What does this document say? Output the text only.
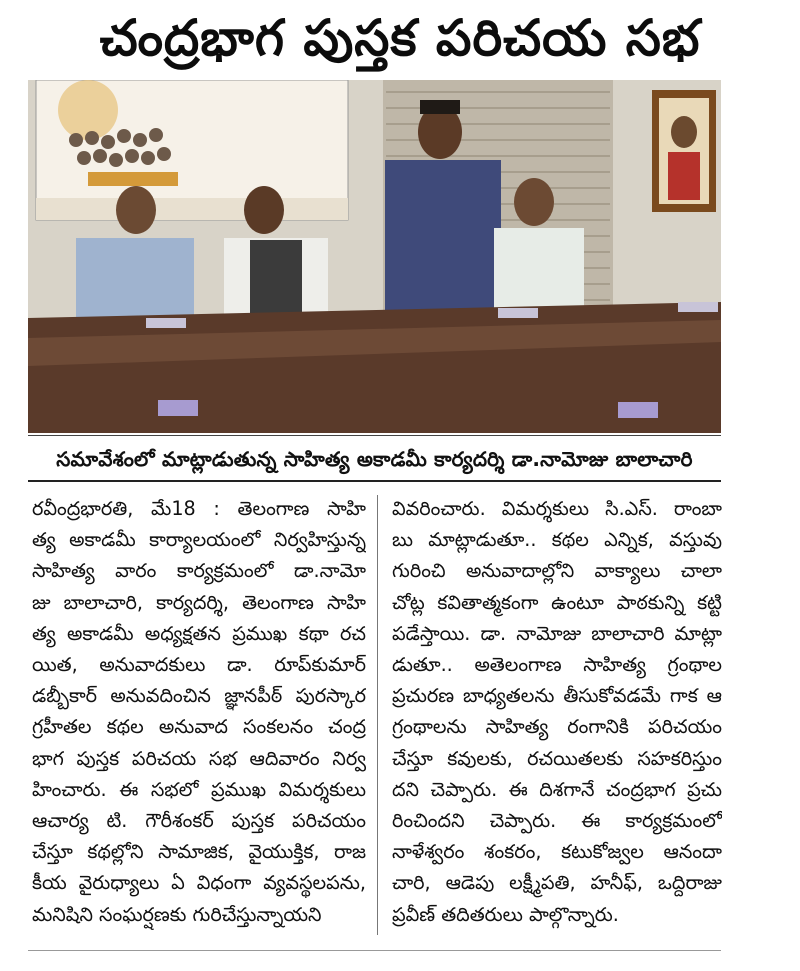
చంద్రభాగ పుస్తక పరిచయ సభ
సమావేశంలో మాట్లాడుతున్న సాహిత్య అకాడమీ కార్యదర్శి డా.నామోజు బాలాచారి
రవీంద్రభారతి, మే18 : తెలంగాణ సాహి
త్య అకాడమీ కార్యాలయంలో నిర్వహిస్తున్న
సాహిత్య వారం కార్యక్రమంలో డా.నామో
జు బాలాచారి, కార్యదర్శి, తెలంగాణ సాహి
త్య అకాడమీ అధ్యక్షతన ప్రముఖ కథా రచ
యిత, అనువాదకులు డా. రూప్‌కుమార్
డబ్బీకార్ అనువదించిన జ్ఞానపీఠ్ పురస్కార
గ్రహీతల కథల అనువాద సంకలనం చంద్ర
భాగ పుస్తక పరిచయ సభ ఆదివారం నిర్వ
హించారు. ఈ సభలో ప్రముఖ విమర్శకులు
ఆచార్య టి. గౌరీశంకర్ పుస్తక పరిచయం
చేస్తూ కథల్లోని సామాజిక, వైయుక్తిక, రాజ
కీయ వైరుధ్యాలు ఏ విధంగా వ్యవస్థలపను,
మనిషిని సంఘర్షణకు గురిచేస్తున్నాయని
వివరించారు. విమర్శకులు సి.ఎస్. రాంబా
బు మాట్లాడుతూ.. కథల ఎన్నిక, వస్తువు
గురించి అనువాదాల్లోని వాక్యాలు చాలా
చోట్ల కవితాత్మకంగా ఉంటూ పాఠకున్ని కట్టి
పడేస్తాయి. డా. నామోజు బాలాచారి మాట్లా
డుతూ.. అతెలంగాణ సాహిత్య గ్రంథాల
ప్రచురణ బాధ్యతలను తీసుకోవడమే గాక ఆ
గ్రంథాలను సాహిత్య రంగానికి పరిచయం
చేస్తూ కవులకు, రచయితలకు సహకరిస్తుం
దని చెప్పారు. ఈ దిశగానే చంద్రభాగ ప్రచు
రించిందని చెప్పారు. ఈ కార్యక్రమంలో
నాళేశ్వరం శంకరం, కటుకోజ్వల ఆనందా
చారి, ఆడెపు లక్ష్మీపతి, హనీఫ్, ఒద్దిరాజు
ప్రవీణ్ తదితరులు పాల్గొన్నారు.
